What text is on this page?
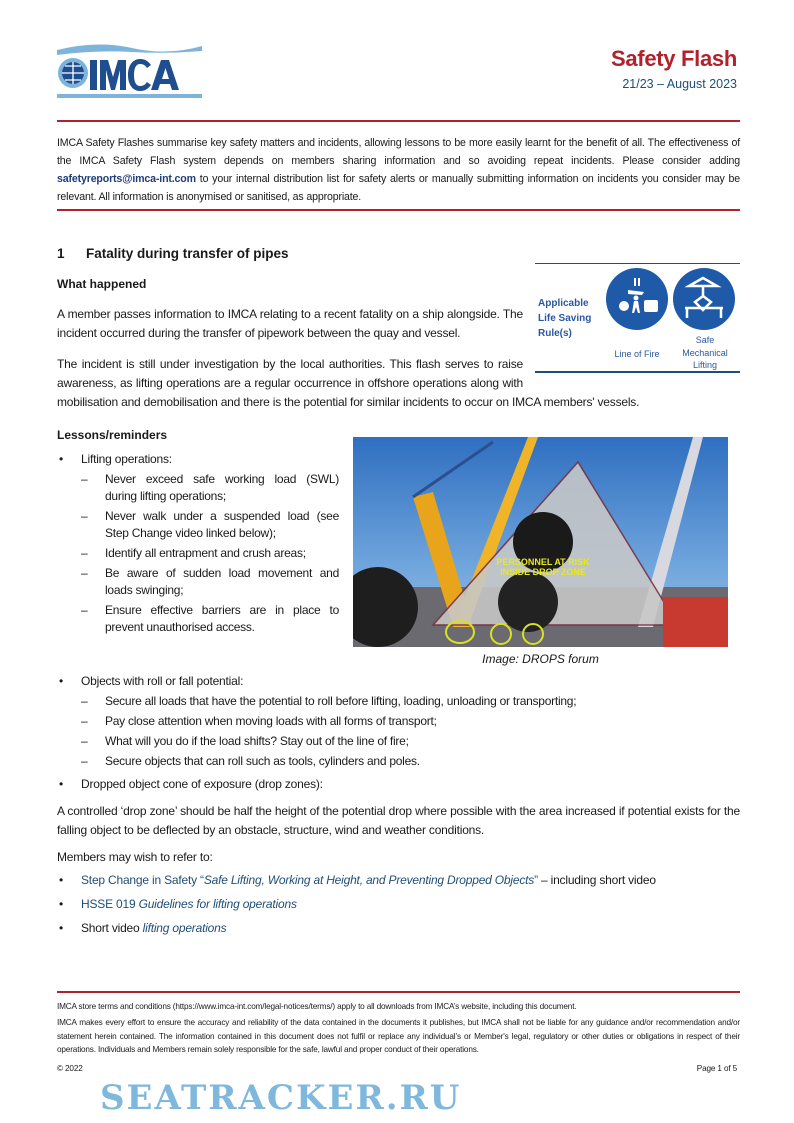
Safety Flash
21/23 – August 2023
IMCA Safety Flashes summarise key safety matters and incidents, allowing lessons to be more easily learnt for the benefit of all. The effectiveness of the IMCA Safety Flash system depends on members sharing information and so avoiding repeat incidents. Please consider adding safetyreports@imca-int.com to your internal distribution list for safety alerts or manually submitting information on incidents you consider may be relevant. All information is anonymised or sanitised, as appropriate.
1 Fatality during transfer of pipes
Applicable Life Saving Rule(s)
Line of Fire
Safe Mechanical Lifting
What happened
A member passes information to IMCA relating to a recent fatality on a ship alongside. The incident occurred during the transfer of pipework between the quay and vessel.
The incident is still under investigation by the local authorities. This flash serves to raise awareness, as lifting operations are a regular occurrence in offshore operations along with mobilisation and demobilisation and there is the potential for similar incidents to occur on IMCA members' vessels.
Lessons/reminders
PERSONNEL AT RISK INSIDE DROP ZONE
Image: DROPS forum
• Lifting operations:
– Never exceed safe working load (SWL) during lifting operations;
– Never walk under a suspended load (see Step Change video linked below);
– Identify all entrapment and crush areas;
– Be aware of sudden load movement and loads swinging;
– Ensure effective barriers are in place to prevent unauthorised access.
• Objects with roll or fall potential:
– Secure all loads that have the potential to roll before lifting, loading, unloading or transporting;
– Pay close attention when moving loads with all forms of transport;
– What will you do if the load shifts? Stay out of the line of fire;
– Secure objects that can roll such as tools, cylinders and poles.
• Dropped object cone of exposure (drop zones):
A controlled ‘drop zone’ should be half the height of the potential drop where possible with the area increased if potential exists for the falling object to be deflected by an obstacle, structure, wind and weather conditions.
Members may wish to refer to:
• Step Change in Safety “Safe Lifting, Working at Height, and Preventing Dropped Objects” – including short video
• HSSE 019 Guidelines for lifting operations
• Short video lifting operations
IMCA store terms and conditions (https://www.imca-int.com/legal-notices/terms/) apply to all downloads from IMCA’s website, including this document.
IMCA makes every effort to ensure the accuracy and reliability of the data contained in the documents it publishes, but IMCA shall not be liable for any guidance and/or recommendation and/or statement herein contained. The information contained in this document does not fulfil or replace any individual’s or Member's legal, regulatory or other duties or obligations in respect of their operations. Individuals and Members remain solely responsible for the safe, lawful and proper conduct of their operations.
© 2022	Page 1 of 5
SEATRACKER.RU
